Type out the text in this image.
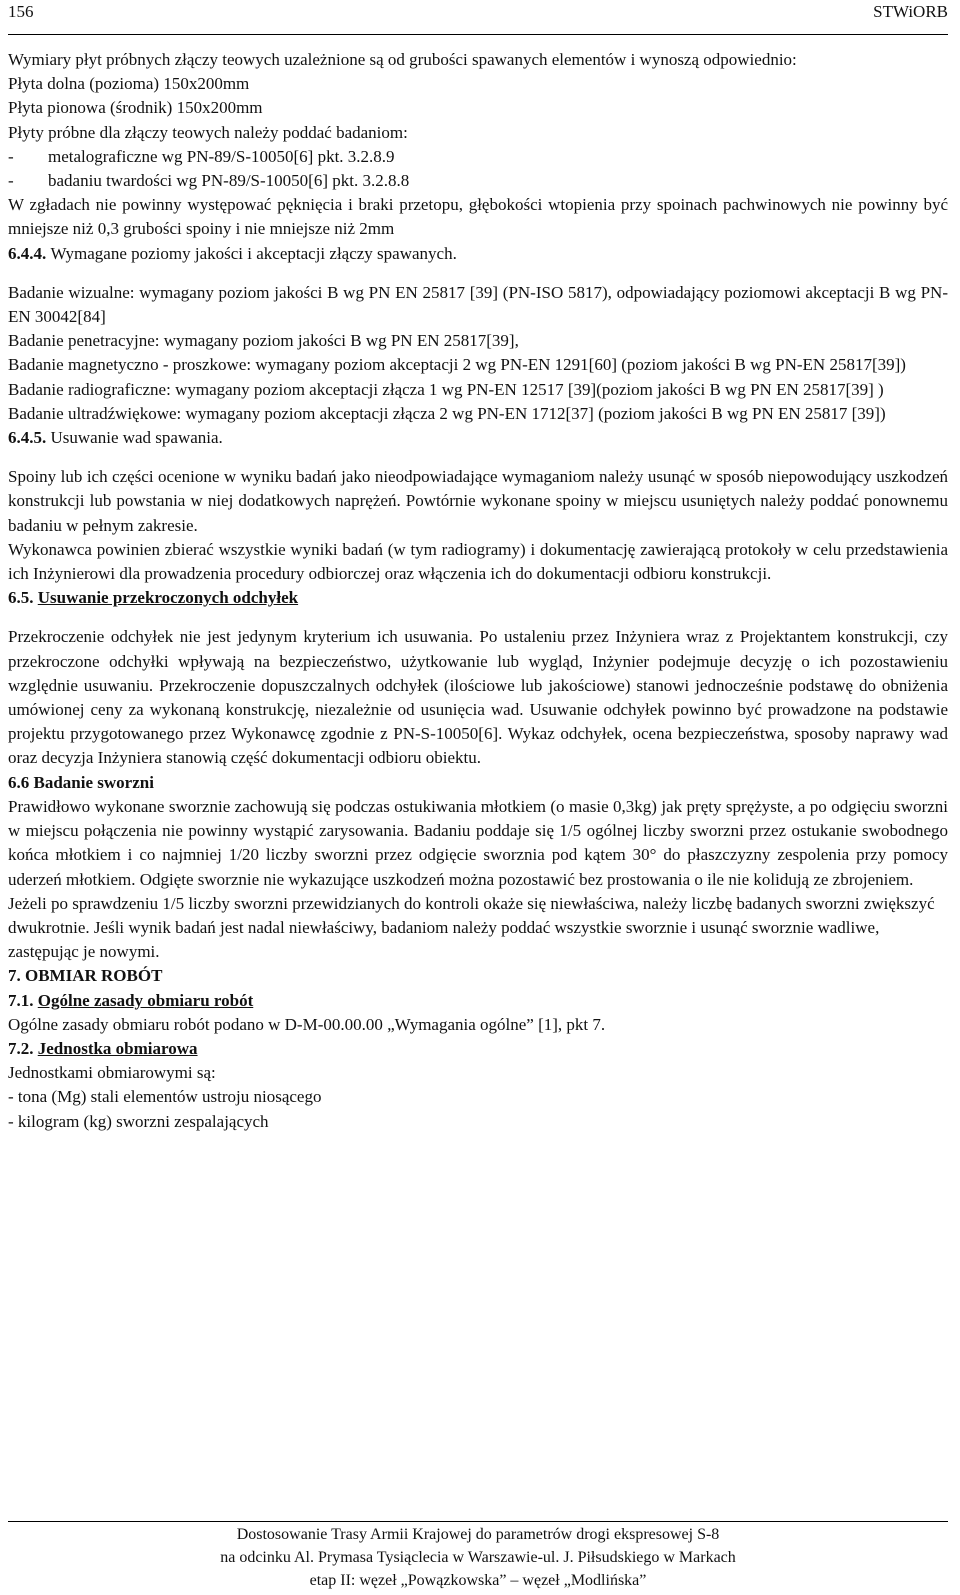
156	STWiORB

Wymiary płyt próbnych złączy teowych uzależnione są od grubości spawanych elementów i wynoszą odpowiednio:

Płyta dolna (pozioma) 150x200mm

Płyta pionowa (środnik) 150x200mm

Płyty próbne dla złączy teowych należy poddać badaniom:

-	metalograficzne wg PN-89/S-10050[6] pkt. 3.2.8.9
-	badaniu twardości wg PN-89/S-10050[6] pkt. 3.2.8.8

W zgładach nie powinny występować pęknięcia i braki przetopu, głębokości wtopienia przy spoinach pachwinowych nie powinny być mniejsze niż 0,3 grubości spoiny i nie mniejsze niż 2mm

6.4.4. Wymagane poziomy jakości i akceptacji złączy spawanych.

Badanie wizualne: wymagany poziom jakości B wg PN EN 25817 [39] (PN-ISO 5817), odpowiadający poziomowi akceptacji B wg PN-EN 30042[84]

Badanie penetracyjne: wymagany poziom jakości B wg PN EN 25817[39],

Badanie magnetyczno - proszkowe: wymagany poziom akceptacji 2 wg PN-EN 1291[60] (poziom jakości B wg PN-EN 25817[39])

Badanie radiograficzne: wymagany poziom akceptacji złącza 1 wg PN-EN 12517 [39](poziom jakości B wg PN EN 25817[39] )

Badanie ultradźwiękowe: wymagany poziom akceptacji złącza 2 wg PN-EN 1712[37] (poziom jakości B wg PN EN 25817 [39])

6.4.5. Usuwanie wad spawania.

Spoiny lub ich części ocenione w wyniku badań jako nieodpowiadające wymaganiom należy usunąć w sposób niepowodujący uszkodzeń konstrukcji lub powstania w niej dodatkowych naprężeń. Powtórnie wykonane spoiny w miejscu usuniętych należy poddać ponownemu badaniu w pełnym zakresie.

Wykonawca powinien zbierać wszystkie wyniki badań (w tym radiogramy) i dokumentację zawierającą protokoły w celu przedstawienia ich Inżynierowi dla prowadzenia procedury odbiorczej oraz włączenia ich do dokumentacji odbioru konstrukcji.

6.5. Usuwanie przekroczonych odchyłek

Przekroczenie odchyłek nie jest jedynym kryterium ich usuwania. Po ustaleniu przez Inżyniera wraz z Projektantem konstrukcji, czy przekroczone odchyłki wpływają na bezpieczeństwo, użytkowanie lub wygląd, Inżynier podejmuje decyzję o ich pozostawieniu względnie usuwaniu. Przekroczenie dopuszczalnych odchyłek (ilościowe lub jakościowe) stanowi jednocześnie podstawę do obniżenia umówionej ceny za wykonaną konstrukcję, niezależnie od usunięcia wad. Usuwanie odchyłek powinno być prowadzone na podstawie projektu przygotowanego przez Wykonawcę zgodnie z PN-S-10050[6]. Wykaz odchyłek, ocena bezpieczeństwa, sposoby naprawy wad oraz decyzja Inżyniera stanowią część dokumentacji odbioru obiektu.

6.6 Badanie sworzni

Prawidłowo wykonane sworznie zachowują się podczas ostukiwania młotkiem (o masie 0,3kg) jak pręty sprężyste, a po odgięciu sworzni w miejscu połączenia nie powinny wystąpić zarysowania. Badaniu poddaje się 1/5 ogólnej liczby sworzni przez ostukanie swobodnego końca młotkiem i co najmniej 1/20 liczby sworzni przez odgięcie sworznia pod kątem 30° do płaszczyzny zespolenia przy pomocy uderzeń młotkiem. Odgięte sworznie nie wykazujące uszkodzeń można pozostawić bez prostowania o ile nie kolidują ze zbrojeniem.

Jeżeli po sprawdzeniu 1/5 liczby sworzni przewidzianych do kontroli okaże się niewłaściwa, należy liczbę badanych sworzni zwiększyć dwukrotnie. Jeśli wynik badań jest nadal niewłaściwy, badaniom należy poddać wszystkie sworznie i usunąć sworznie wadliwe, zastępując je nowymi.

7. OBMIAR ROBÓT

7.1. Ogólne zasady obmiaru robót

Ogólne zasady obmiaru robót podano w D-M-00.00.00 „Wymagania ogólne” [1], pkt 7.

7.2. Jednostka obmiarowa

Jednostkami obmiarowymi są:

- tona (Mg) stali elementów ustroju niosącego

- kilogram (kg) sworzni zespalających

Dostosowanie Trasy Armii Krajowej do parametrów drogi ekspresowej S-8
na odcinku Al. Prymasa Tysiąclecia w Warszawie-ul. J. Piłsudskiego w Markach
etap II: węzeł „Powązkowska” – węzeł „Modlińska”
